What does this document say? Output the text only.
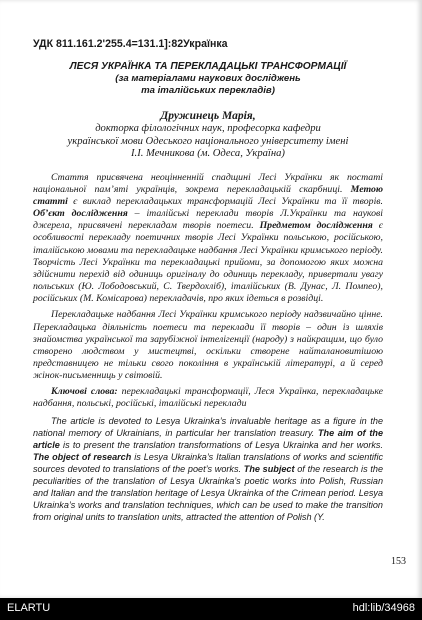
УДК 811.161.2'255.4=131.1]:82Українка
ЛЕСЯ УКРАЇНКА ТА ПЕРЕКЛАДАЦЬКІ ТРАНСФОРМАЦІЇ
(за матеріалами наукових досліджень
та італійських перекладів)
Дружинець Марія,
докторка філологічних наук, професорка кафедри
української мови Одеського національного університету імені
І.І. Мечникова (м. Одеса, Україна)

Стаття присвячена неоцінненній спадщині Лесі Українки як постаті національної пам’яті українців, зокрема перекладацькій скарбниці. Метою статті є виклад перекладацьких трансформацій Лесі Українки та її творів. Об’єкт дослідження – італійські переклади творів Л.Українки та наукові джерела, присвячені перекладам творів поетеси. Предметом дослідження є особливості перекладу поетичних творів Лесі Українки польською, російською, італійською мовами та перекладацьке надбання Лесі Українки кримського періоду. Творчість Лесі Українки та перекладацькі прийоми, за допомогою яких можна здійснити перехід від одиниць оригіналу до одиниць перекладу, привертали увагу польських (Ю. Лободовський, С. Твердохліб), італійських (В. Дунас, Л. Помпео), російських (М. Комісарова) перекладачів, про яких ідеться в розвідці.

Перекладацьке надбання Лесі Українки кримського періоду надзвичайно цінне. Перекладацька діяльність поетеси та переклади її творів – один із шляхів знайомства української та зарубіжної інтелігенції (народу) з найкращим, що було створено людством у мистецтві, оскільки створене найталановитішою представницею не тільки свого покоління в українській літературі, а й серед жінок-письменниць у світовій.

Ключові слова: перекладацькі трансформації, Леся Українка, перекладацьке надбання, польські, російські, італійські переклади

The article is devoted to Lesya Ukrainka’s invaluable heritage as a figure in the national memory of Ukrainians, in particular her translation treasury. The aim of the article is to present the translation transformations of Lesya Ukrainka and her works. The object of research is Lesya Ukrainka’s Italian translations of works and scientific sources devoted to translations of the poet’s works. The subject of the research is the peculiarities of the translation of Lesya Ukrainka’s poetic works into Polish, Russian and Italian and the translation heritage of Lesya Ukrainka of the Crimean period. Lesya Ukrainka’s works and translation techniques, which can be used to make the transition from original units to translation units, attracted the attention of Polish (Y.

153
ELARTU	hdl:lib/34968
